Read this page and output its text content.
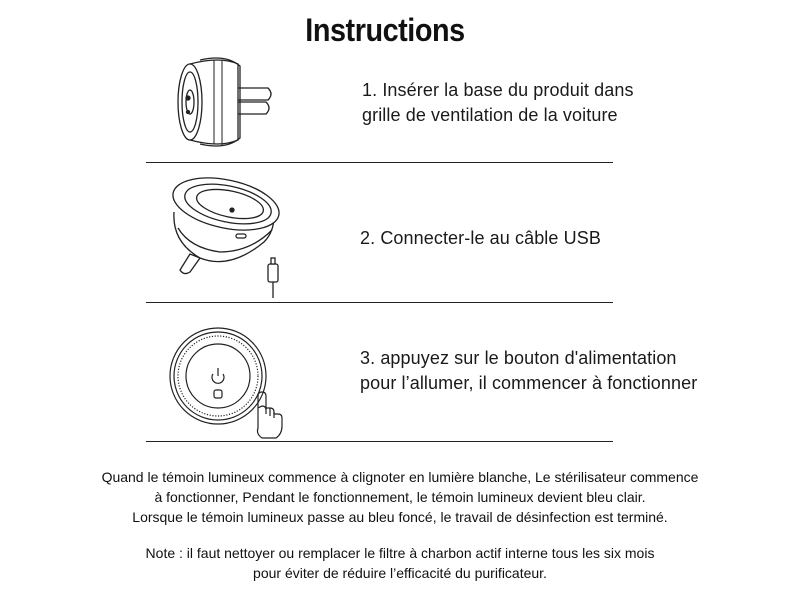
Instructions
1. Insérer la base du produit dans
grille de ventilation de la voiture
2. Connecter-le au câble USB
3. appuyez sur le bouton d'alimentation
pour l’allumer, il commencer à fonctionner
Quand le témoin lumineux commence à clignoter en lumière blanche, Le stérilisateur commence
à fonctionner, Pendant le fonctionnement, le témoin lumineux devient bleu clair.
Lorsque le témoin lumineux passe au bleu foncé, le travail de désinfection est terminé.
Note : il faut nettoyer ou remplacer le filtre à charbon actif interne tous les six mois
pour éviter de réduire l’efficacité du purificateur.
